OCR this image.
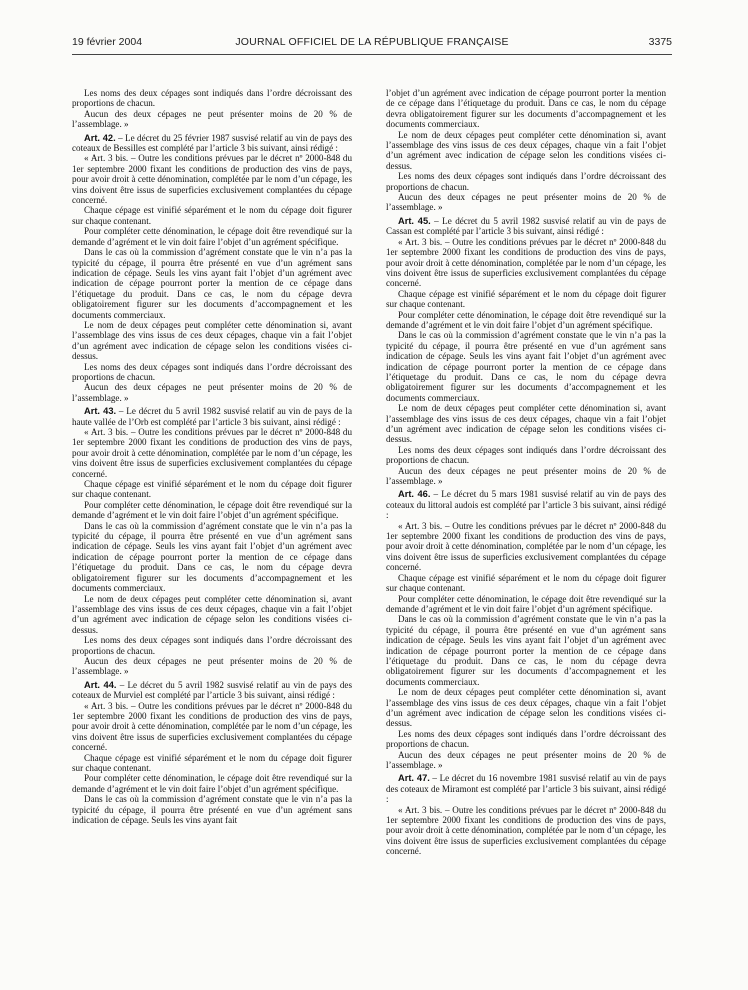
19 février 2004	JOURNAL OFFICIEL DE LA RÉPUBLIQUE FRANÇAISE	3375

Les noms des deux cépages sont indiqués dans l’ordre décroissant des proportions de chacun.

Aucun des deux cépages ne peut présenter moins de 20 % de l’assemblage. »

Art. 42. – Le décret du 25 février 1987 susvisé relatif au vin de pays des coteaux de Bessilles est complété par l’article 3 bis suivant, ainsi rédigé :

« Art. 3 bis. – Outre les conditions prévues par le décret nº 2000-848 du 1er septembre 2000 fixant les conditions de production des vins de pays, pour avoir droit à cette dénomination, complétée par le nom d’un cépage, les vins doivent être issus de superficies exclusivement complantées du cépage concerné.

Chaque cépage est vinifié séparément et le nom du cépage doit figurer sur chaque contenant.

Pour compléter cette dénomination, le cépage doit être revendiqué sur la demande d’agrément et le vin doit faire l’objet d’un agrément spécifique.

Dans le cas où la commission d’agrément constate que le vin n’a pas la typicité du cépage, il pourra être présenté en vue d’un agrément sans indication de cépage. Seuls les vins ayant fait l’objet d’un agrément avec indication de cépage pourront porter la mention de ce cépage dans l’étiquetage du produit. Dans ce cas, le nom du cépage devra obligatoirement figurer sur les documents d’accompagnement et les documents commerciaux.

Le nom de deux cépages peut compléter cette dénomination si, avant l’assemblage des vins issus de ces deux cépages, chaque vin a fait l’objet d’un agrément avec indication de cépage selon les conditions visées ci-dessus.

Les noms des deux cépages sont indiqués dans l’ordre décroissant des proportions de chacun.

Aucun des deux cépages ne peut présenter moins de 20 % de l’assemblage. »

Art. 43. – Le décret du 5 avril 1982 susvisé relatif au vin de pays de la haute vallée de l’Orb est complété par l’article 3 bis suivant, ainsi rédigé :

« Art. 3 bis. – Outre les conditions prévues par le décret nº 2000-848 du 1er septembre 2000 fixant les conditions de production des vins de pays, pour avoir droit à cette dénomination, complétée par le nom d’un cépage, les vins doivent être issus de superficies exclusivement complantées du cépage concerné.

Chaque cépage est vinifié séparément et le nom du cépage doit figurer sur chaque contenant.

Pour compléter cette dénomination, le cépage doit être revendiqué sur la demande d’agrément et le vin doit faire l’objet d’un agrément spécifique.

Dans le cas où la commission d’agrément constate que le vin n’a pas la typicité du cépage, il pourra être présenté en vue d’un agrément sans indication de cépage. Seuls les vins ayant fait l’objet d’un agrément avec indication de cépage pourront porter la mention de ce cépage dans l’étiquetage du produit. Dans ce cas, le nom du cépage devra obligatoirement figurer sur les documents d’accompagnement et les documents commerciaux.

Le nom de deux cépages peut compléter cette dénomination si, avant l’assemblage des vins issus de ces deux cépages, chaque vin a fait l’objet d’un agrément avec indication de cépage selon les conditions visées ci-dessus.

Les noms des deux cépages sont indiqués dans l’ordre décroissant des proportions de chacun.

Aucun des deux cépages ne peut présenter moins de 20 % de l’assemblage. »

Art. 44. – Le décret du 5 avril 1982 susvisé relatif au vin de pays des coteaux de Murviel est complété par l’article 3 bis suivant, ainsi rédigé :

« Art. 3 bis. – Outre les conditions prévues par le décret nº 2000-848 du 1er septembre 2000 fixant les conditions de production des vins de pays, pour avoir droit à cette dénomination, complétée par le nom d’un cépage, les vins doivent être issus de superficies exclusivement complantées du cépage concerné.

Chaque cépage est vinifié séparément et le nom du cépage doit figurer sur chaque contenant.

Pour compléter cette dénomination, le cépage doit être revendiqué sur la demande d’agrément et le vin doit faire l’objet d’un agrément spécifique.

Dans le cas où la commission d’agrément constate que le vin n’a pas la typicité du cépage, il pourra être présenté en vue d’un agrément sans indication de cépage. Seuls les vins ayant fait

l’objet d’un agrément avec indication de cépage pourront porter la mention de ce cépage dans l’étiquetage du produit. Dans ce cas, le nom du cépage devra obligatoirement figurer sur les documents d’accompagnement et les documents commerciaux.

Le nom de deux cépages peut compléter cette dénomination si, avant l’assemblage des vins issus de ces deux cépages, chaque vin a fait l’objet d’un agrément avec indication de cépage selon les conditions visées ci-dessus.

Les noms des deux cépages sont indiqués dans l’ordre décroissant des proportions de chacun.

Aucun des deux cépages ne peut présenter moins de 20 % de l’assemblage. »

Art. 45. – Le décret du 5 avril 1982 susvisé relatif au vin de pays de Cassan est complété par l’article 3 bis suivant, ainsi rédigé :

« Art. 3 bis. – Outre les conditions prévues par le décret nº 2000-848 du 1er septembre 2000 fixant les conditions de production des vins de pays, pour avoir droit à cette dénomination, complétée par le nom d’un cépage, les vins doivent être issus de superficies exclusivement complantées du cépage concerné.

Chaque cépage est vinifié séparément et le nom du cépage doit figurer sur chaque contenant.

Pour compléter cette dénomination, le cépage doit être revendiqué sur la demande d’agrément et le vin doit faire l’objet d’un agrément spécifique.

Dans le cas où la commission d’agrément constate que le vin n’a pas la typicité du cépage, il pourra être présenté en vue d’un agrément sans indication de cépage. Seuls les vins ayant fait l’objet d’un agrément avec indication de cépage pourront porter la mention de ce cépage dans l’étiquetage du produit. Dans ce cas, le nom du cépage devra obligatoirement figurer sur les documents d’accompagnement et les documents commerciaux.

Le nom de deux cépages peut compléter cette dénomination si, avant l’assemblage des vins issus de ces deux cépages, chaque vin a fait l’objet d’un agrément avec indication de cépage selon les conditions visées ci-dessus.

Les noms des deux cépages sont indiqués dans l’ordre décroissant des proportions de chacun.

Aucun des deux cépages ne peut présenter moins de 20 % de l’assemblage. »

Art. 46. – Le décret du 5 mars 1981 susvisé relatif au vin de pays des coteaux du littoral audois est complété par l’article 3 bis suivant, ainsi rédigé :

« Art. 3 bis. – Outre les conditions prévues par le décret nº 2000-848 du 1er septembre 2000 fixant les conditions de production des vins de pays, pour avoir droit à cette dénomination, complétée par le nom d’un cépage, les vins doivent être issus de superficies exclusivement complantées du cépage concerné.

Chaque cépage est vinifié séparément et le nom du cépage doit figurer sur chaque contenant.

Pour compléter cette dénomination, le cépage doit être revendiqué sur la demande d’agrément et le vin doit faire l’objet d’un agrément spécifique.

Dans le cas où la commission d’agrément constate que le vin n’a pas la typicité du cépage, il pourra être présenté en vue d’un agrément sans indication de cépage. Seuls les vins ayant fait l’objet d’un agrément avec indication de cépage pourront porter la mention de ce cépage dans l’étiquetage du produit. Dans ce cas, le nom du cépage devra obligatoirement figurer sur les documents d’accompagnement et les documents commerciaux.

Le nom de deux cépages peut compléter cette dénomination si, avant l’assemblage des vins issus de ces deux cépages, chaque vin a fait l’objet d’un agrément avec indication de cépage selon les conditions visées ci-dessus.

Les noms des deux cépages sont indiqués dans l’ordre décroissant des proportions de chacun.

Aucun des deux cépages ne peut présenter moins de 20 % de l’assemblage. »

Art. 47. – Le décret du 16 novembre 1981 susvisé relatif au vin de pays des coteaux de Miramont est complété par l’article 3 bis suivant, ainsi rédigé :

« Art. 3 bis. – Outre les conditions prévues par le décret nº 2000-848 du 1er septembre 2000 fixant les conditions de production des vins de pays, pour avoir droit à cette dénomination, complétée par le nom d’un cépage, les vins doivent être issus de superficies exclusivement complantées du cépage concerné.
